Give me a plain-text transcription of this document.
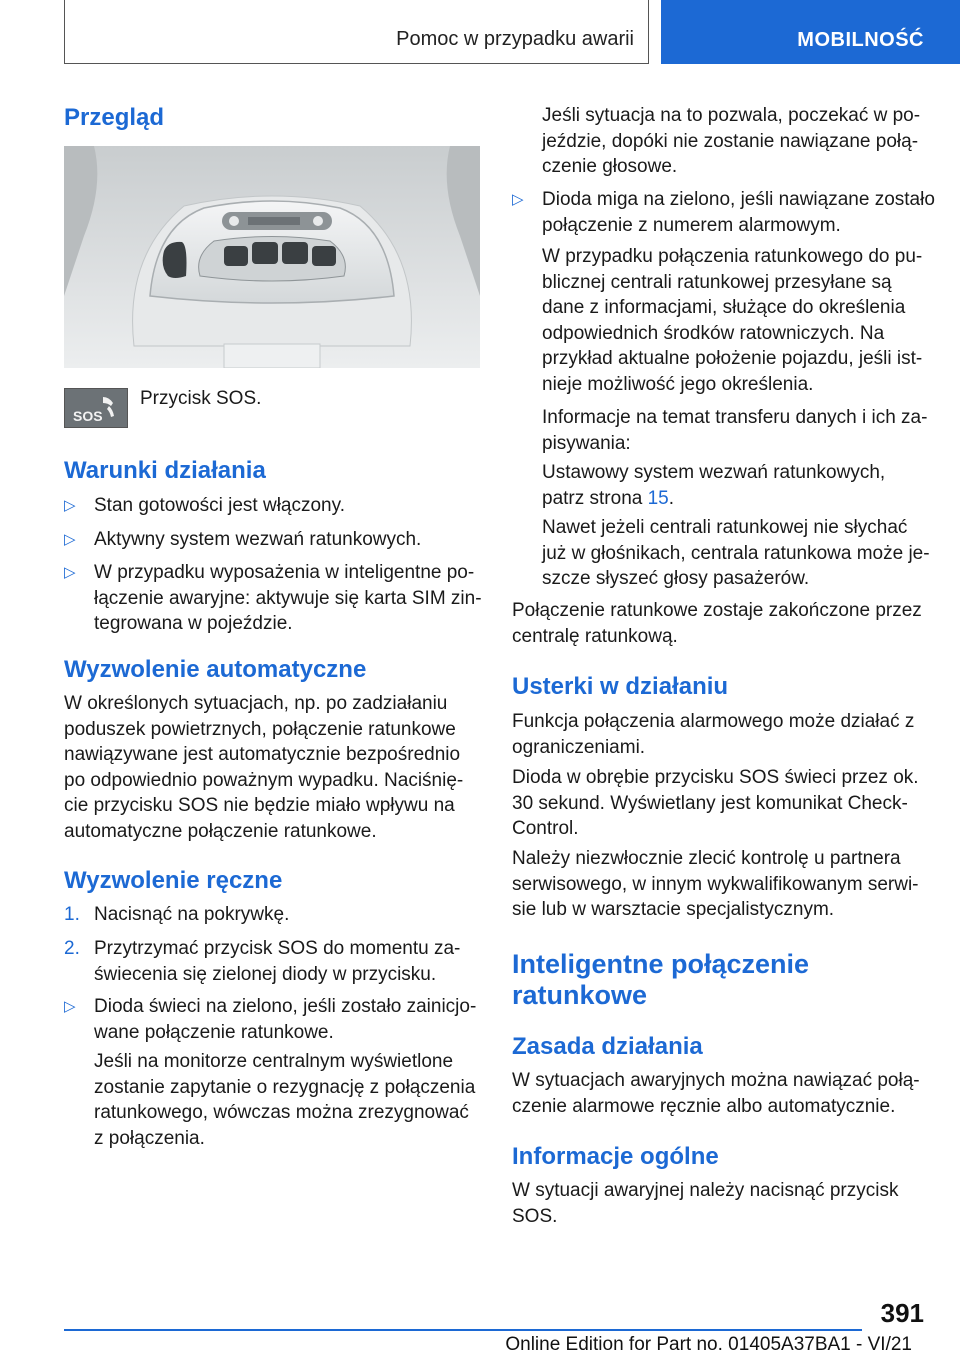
Pomoc w przypadku awarii	MOBILNOŚĆ
Przegląd
SOS

Przycisk SOS.

Warunki działania
▷ Stan gotowości jest włączony.

▷ Aktywny system wezwań ratunkowych.

▷ W przypadku wyposażenia w inteligentne po-łączenie awaryjne: aktywuje się karta SIM zin-tegrowana w pojeździe.

Wyzwolenie automatyczne

W określonych sytuacjach, np. po zadziałaniu poduszek powietrznych, połączenie ratunkowe nawiązywane jest automatycznie bezpośrednio po odpowiednio poważnym wypadku. Naciśnię-cie przycisku SOS nie będzie miało wpływu na automatyczne połączenie ratunkowe.

Wyzwolenie ręczne
1. Nacisnąć na pokrywkę.

2. Przytrzymać przycisk SOS do momentu za-świecenia się zielonej diody w przycisku.

▷ Dioda świeci na zielono, jeśli zostało zainicjo-wane połączenie ratunkowe.

Jeśli na monitorze centralnym wyświetlone zostanie zapytanie o rezygnację z połączenia ratunkowego, wówczas można zrezygnować z połączenia.

Jeśli sytuacja na to pozwala, poczekać w po-jeździe, dopóki nie zostanie nawiązane połą-czenie głosowe.

▷ Dioda miga na zielono, jeśli nawiązane zostało połączenie z numerem alarmowym.

W przypadku połączenia ratunkowego do pu-blicznej centrali ratunkowej przesyłane są dane z informacjami, służące do określenia odpowiednich środków ratowniczych. Na przykład aktualne położenie pojazdu, jeśli ist-nieje możliwość jego określenia.

Informacje na temat transferu danych i ich za-pisywania:

Ustawowy system wezwań ratunkowych, patrz strona 15.

Nawet jeżeli centrali ratunkowej nie słychać już w głośnikach, centrala ratunkowa może je-szcze słyszeć głosy pasażerów.

Połączenie ratunkowe zostaje zakończone przez centralę ratunkową.

Usterki w działaniu

Funkcja połączenia alarmowego może działać z ograniczeniami.

Dioda w obrębie przycisku SOS świeci przez ok. 30 sekund. Wyświetlany jest komunikat Check-Control.

Należy niezwłocznie zlecić kontrolę u partnera serwisowego, w innym wykwalifikowanym serwi-sie lub w warsztacie specjalistycznym.

Inteligentne połączenie
ratunkowe
Zasada działania

W sytuacjach awaryjnych można nawiązać połą-czenie alarmowe ręcznie albo automatycznie.

Informacje ogólne

W sytuacji awaryjnej należy nacisnąć przycisk SOS.

391
Online Edition for Part no. 01405A37BA1 - VI/21
